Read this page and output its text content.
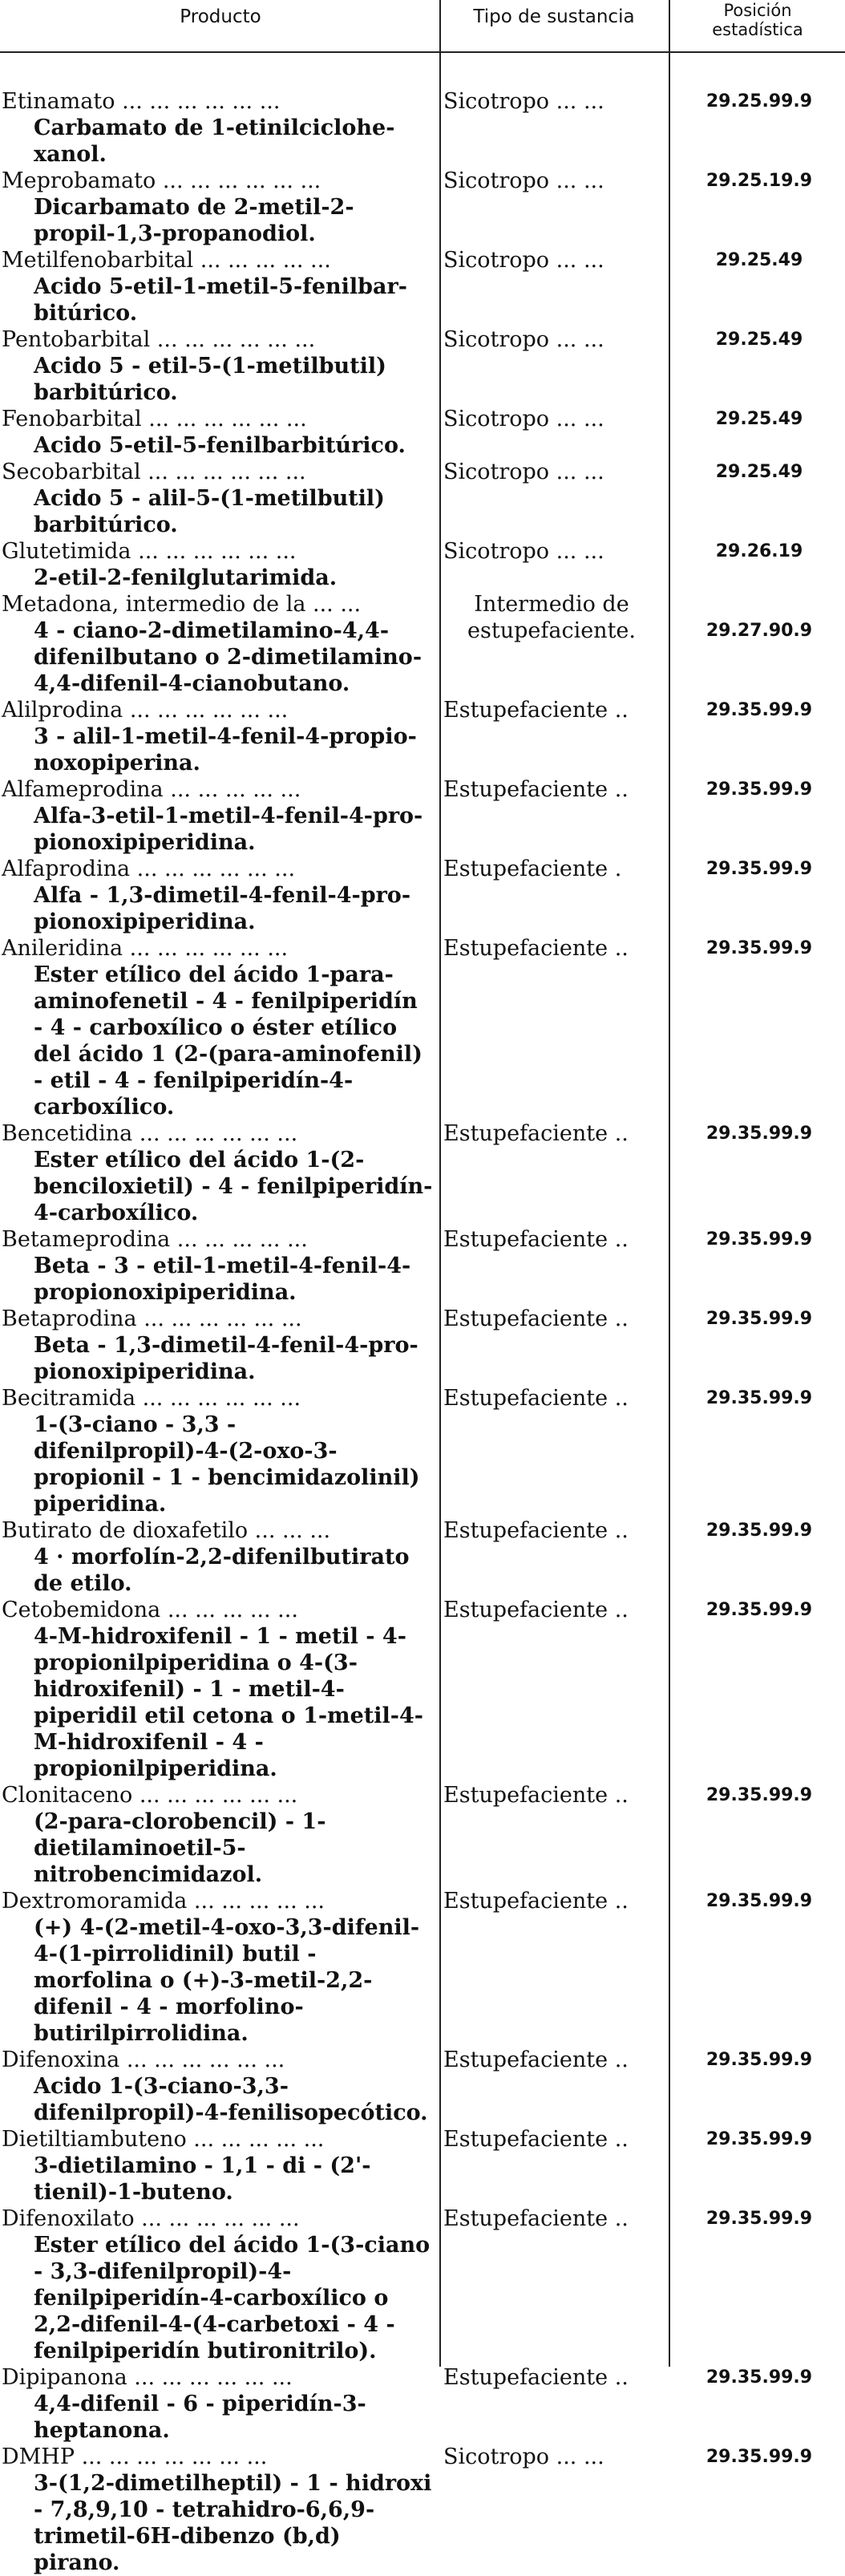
Producto	Tipo de sustancia	Posición
estadística
Etinamato ... ... ... ... ... ...
Carbamato de 1-etinilciclohe-xanol.
Sicotropo ... ...	29.25.99.9
Meprobamato ... ... ... ... ... ...
Dicarbamato de 2-metil-2-propil-1,3-propanodiol.
Sicotropo ... ...	29.25.19.9
Metilfenobarbital ... ... ... ... ...
Acido 5-etil-1-metil-5-fenilbar-bitúrico.
Sicotropo ... ...	29.25.49
Pentobarbital ... ... ... ... ... ...
Acido 5 - etil-5-(1-metilbutil) barbitúrico.
Sicotropo ... ...	29.25.49
Fenobarbital ... ... ... ... ... ...
Acido 5-etil-5-fenilbarbitúrico.
Sicotropo ... ...	29.25.49
Secobarbital ... ... ... ... ... ...
Acido 5 - alil-5-(1-metilbutil) barbitúrico.
Sicotropo ... ...	29.25.49
Glutetimida ... ... ... ... ... ...
2-etil-2-fenilglutarimida.
Sicotropo ... ...	29.26.19
Metadona, intermedio de la ... ...
4 - ciano-2-dimetilamino-4,4-difenilbutano o 2-dimetilamino-4,4-difenil-4-cianobutano.
Intermedio de estupefaciente.	29.27.90.9
Alilprodina ... ... ... ... ... ...
3 - alil-1-metil-4-fenil-4-propio-noxopiperina.
Estupefaciente ..	29.35.99.9
Alfameprodina ... ... ... ... ...
Alfa-3-etil-1-metil-4-fenil-4-pro-pionoxipiperidina.
Estupefaciente ..	29.35.99.9
Alfaprodina ... ... ... ... ... ...
Alfa - 1,3-dimetil-4-fenil-4-pro-pionoxipiperidina.
Estupefaciente .	29.35.99.9
Anileridina ... ... ... ... ... ...
Ester etílico del ácido 1-para-aminofenetil - 4 - fenilpiperidín - 4 - carboxílico o éster etílico del ácido 1 (2-(para-aminofenil) - etil - 4 - fenilpiperidín-4-carboxílico.
Estupefaciente ..	29.35.99.9
Bencetidina ... ... ... ... ... ...
Ester etílico del ácido 1-(2-benciloxietil) - 4 - fenilpiperidín-4-carboxílico.
Estupefaciente ..	29.35.99.9
Betameprodina ... ... ... ... ...
Beta - 3 - etil-1-metil-4-fenil-4-propionoxipiperidina.
Estupefaciente ..	29.35.99.9
Betaprodina ... ... ... ... ... ...
Beta - 1,3-dimetil-4-fenil-4-pro-pionoxipiperidina.
Estupefaciente ..	29.35.99.9
Becitramida ... ... ... ... ... ...
1-(3-ciano - 3,3 - difenilpropil)-4-(2-oxo-3-propionil - 1 - bencimidazolinil) piperidina.
Estupefaciente ..	29.35.99.9
Butirato de dioxafetilo ... ... ...
4 · morfolín-2,2-difenilbutirato de etilo.
Estupefaciente ..	29.35.99.9
Cetobemidona ... ... ... ... ...
4-M-hidroxifenil - 1 - metil - 4-propionilpiperidina o 4-(3-hidroxifenil) - 1 - metil-4-piperidil etil cetona o 1-metil-4-M-hidroxifenil - 4 - propionilpiperidina.
Estupefaciente ..	29.35.99.9
Clonitaceno ... ... ... ... ... ...
(2-para-clorobencil) - 1-dietilaminoetil-5-nitrobencimidazol.
Estupefaciente ..	29.35.99.9
Dextromoramida ... ... ... ... ...
(+) 4-(2-metil-4-oxo-3,3-difenil-4-(1-pirrolidinil) butil - morfolina o (+)-3-metil-2,2-difenil - 4 - morfolino-butirilpirrolidina.
Estupefaciente ..	29.35.99.9
Difenoxina ... ... ... ... ... ...
Acido 1-(3-ciano-3,3-difenilpropil)-4-fenilisopecótico.
Estupefaciente ..	29.35.99.9
Dietiltiambuteno ... ... ... ... ...
3-dietilamino - 1,1 - di - (2'-tienil)-1-buteno.
Estupefaciente ..	29.35.99.9
Difenoxilato ... ... ... ... ... ...
Ester etílico del ácido 1-(3-ciano - 3,3-difenilpropil)-4-fenilpiperidín-4-carboxílico o 2,2-difenil-4-(4-carbetoxi - 4 - fenilpiperidín butironitrilo).
Estupefaciente ..	29.35.99.9
Dipipanona ... ... ... ... ... ...
4,4-difenil - 6 - piperidín-3-heptanona.
Estupefaciente ..	29.35.99.9
DMHP ... ... ... ... ... ... ...
3-(1,2-dimetilheptil) - 1 - hidroxi - 7,8,9,10 - tetrahidro-6,6,9-trimetil-6H-dibenzo (b,d) pirano.
Sicotropo ... ...	29.35.99.9
